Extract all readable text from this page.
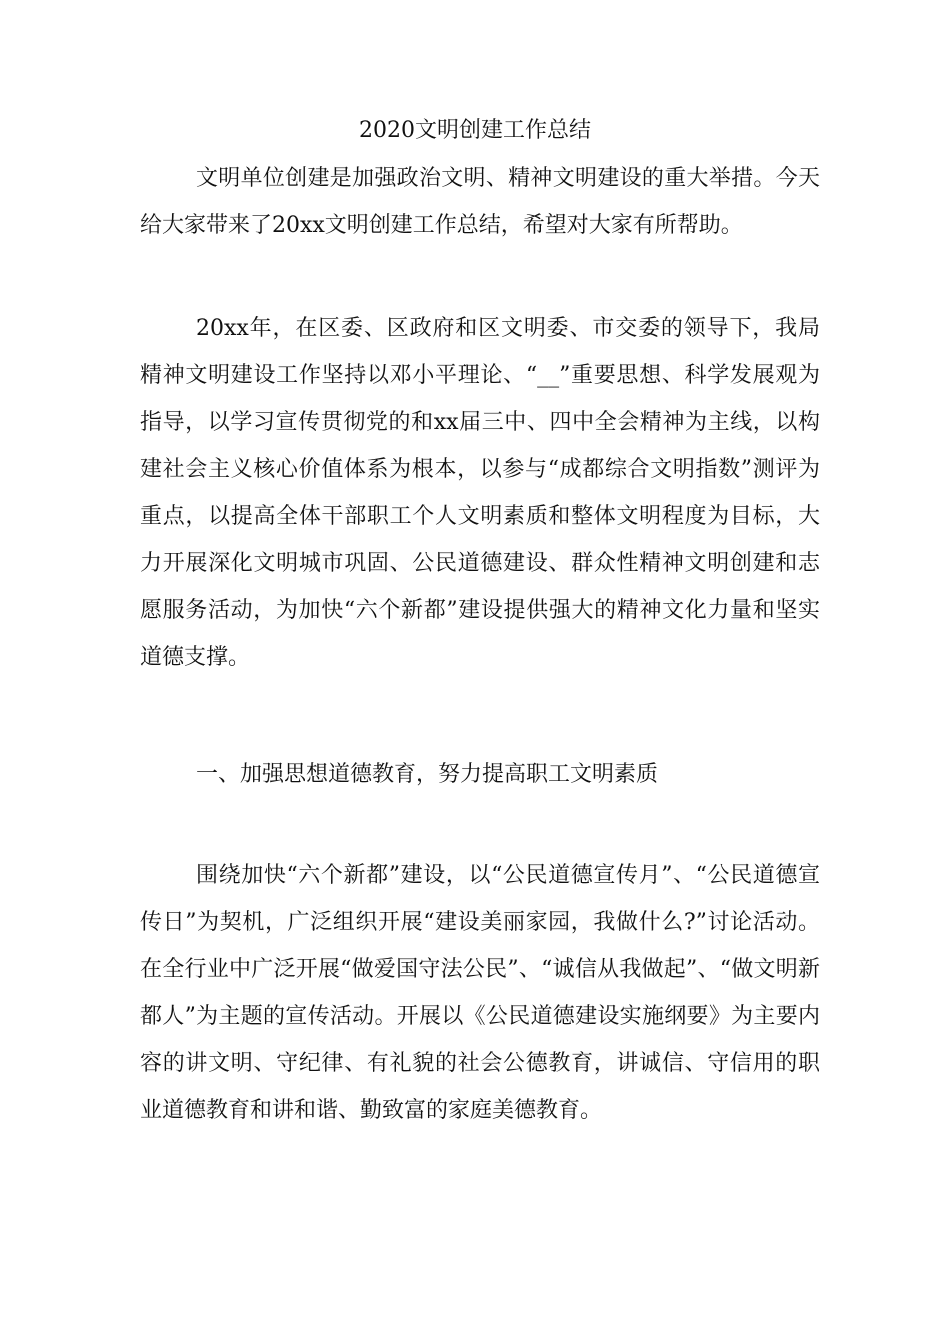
2020文明创建工作总结
文明单位创建是加强政治文明、精神文明建设的重大举措。今天给大家带来了20xx文明创建工作总结，希望对大家有所帮助。
20xx年，在区委、区政府和区文明委、市交委的领导下，我局精神文明建设工作坚持以邓小平理论、“__”重要思想、科学发展观为指导，以学习宣传贯彻党的和xx届三中、四中全会精神为主线，以构建社会主义核心价值体系为根本，以参与“成都综合文明指数”测评为重点，以提高全体干部职工个人文明素质和整体文明程度为目标，大力开展深化文明城市巩固、公民道德建设、群众性精神文明创建和志愿服务活动，为加快“六个新都”建设提供强大的精神文化力量和坚实道德支撑。
一、加强思想道德教育，努力提高职工文明素质
围绕加快“六个新都”建设，以“公民道德宣传月”、“公民道德宣传日”为契机，广泛组织开展“建设美丽家园，我做什么?”讨论活动。在全行业中广泛开展“做爱国守法公民”、“诚信从我做起”、“做文明新都人”为主题的宣传活动。开展以《公民道德建设实施纲要》为主要内容的讲文明、守纪律、有礼貌的社会公德教育，讲诚信、守信用的职业道德教育和讲和谐、勤致富的家庭美德教育。
